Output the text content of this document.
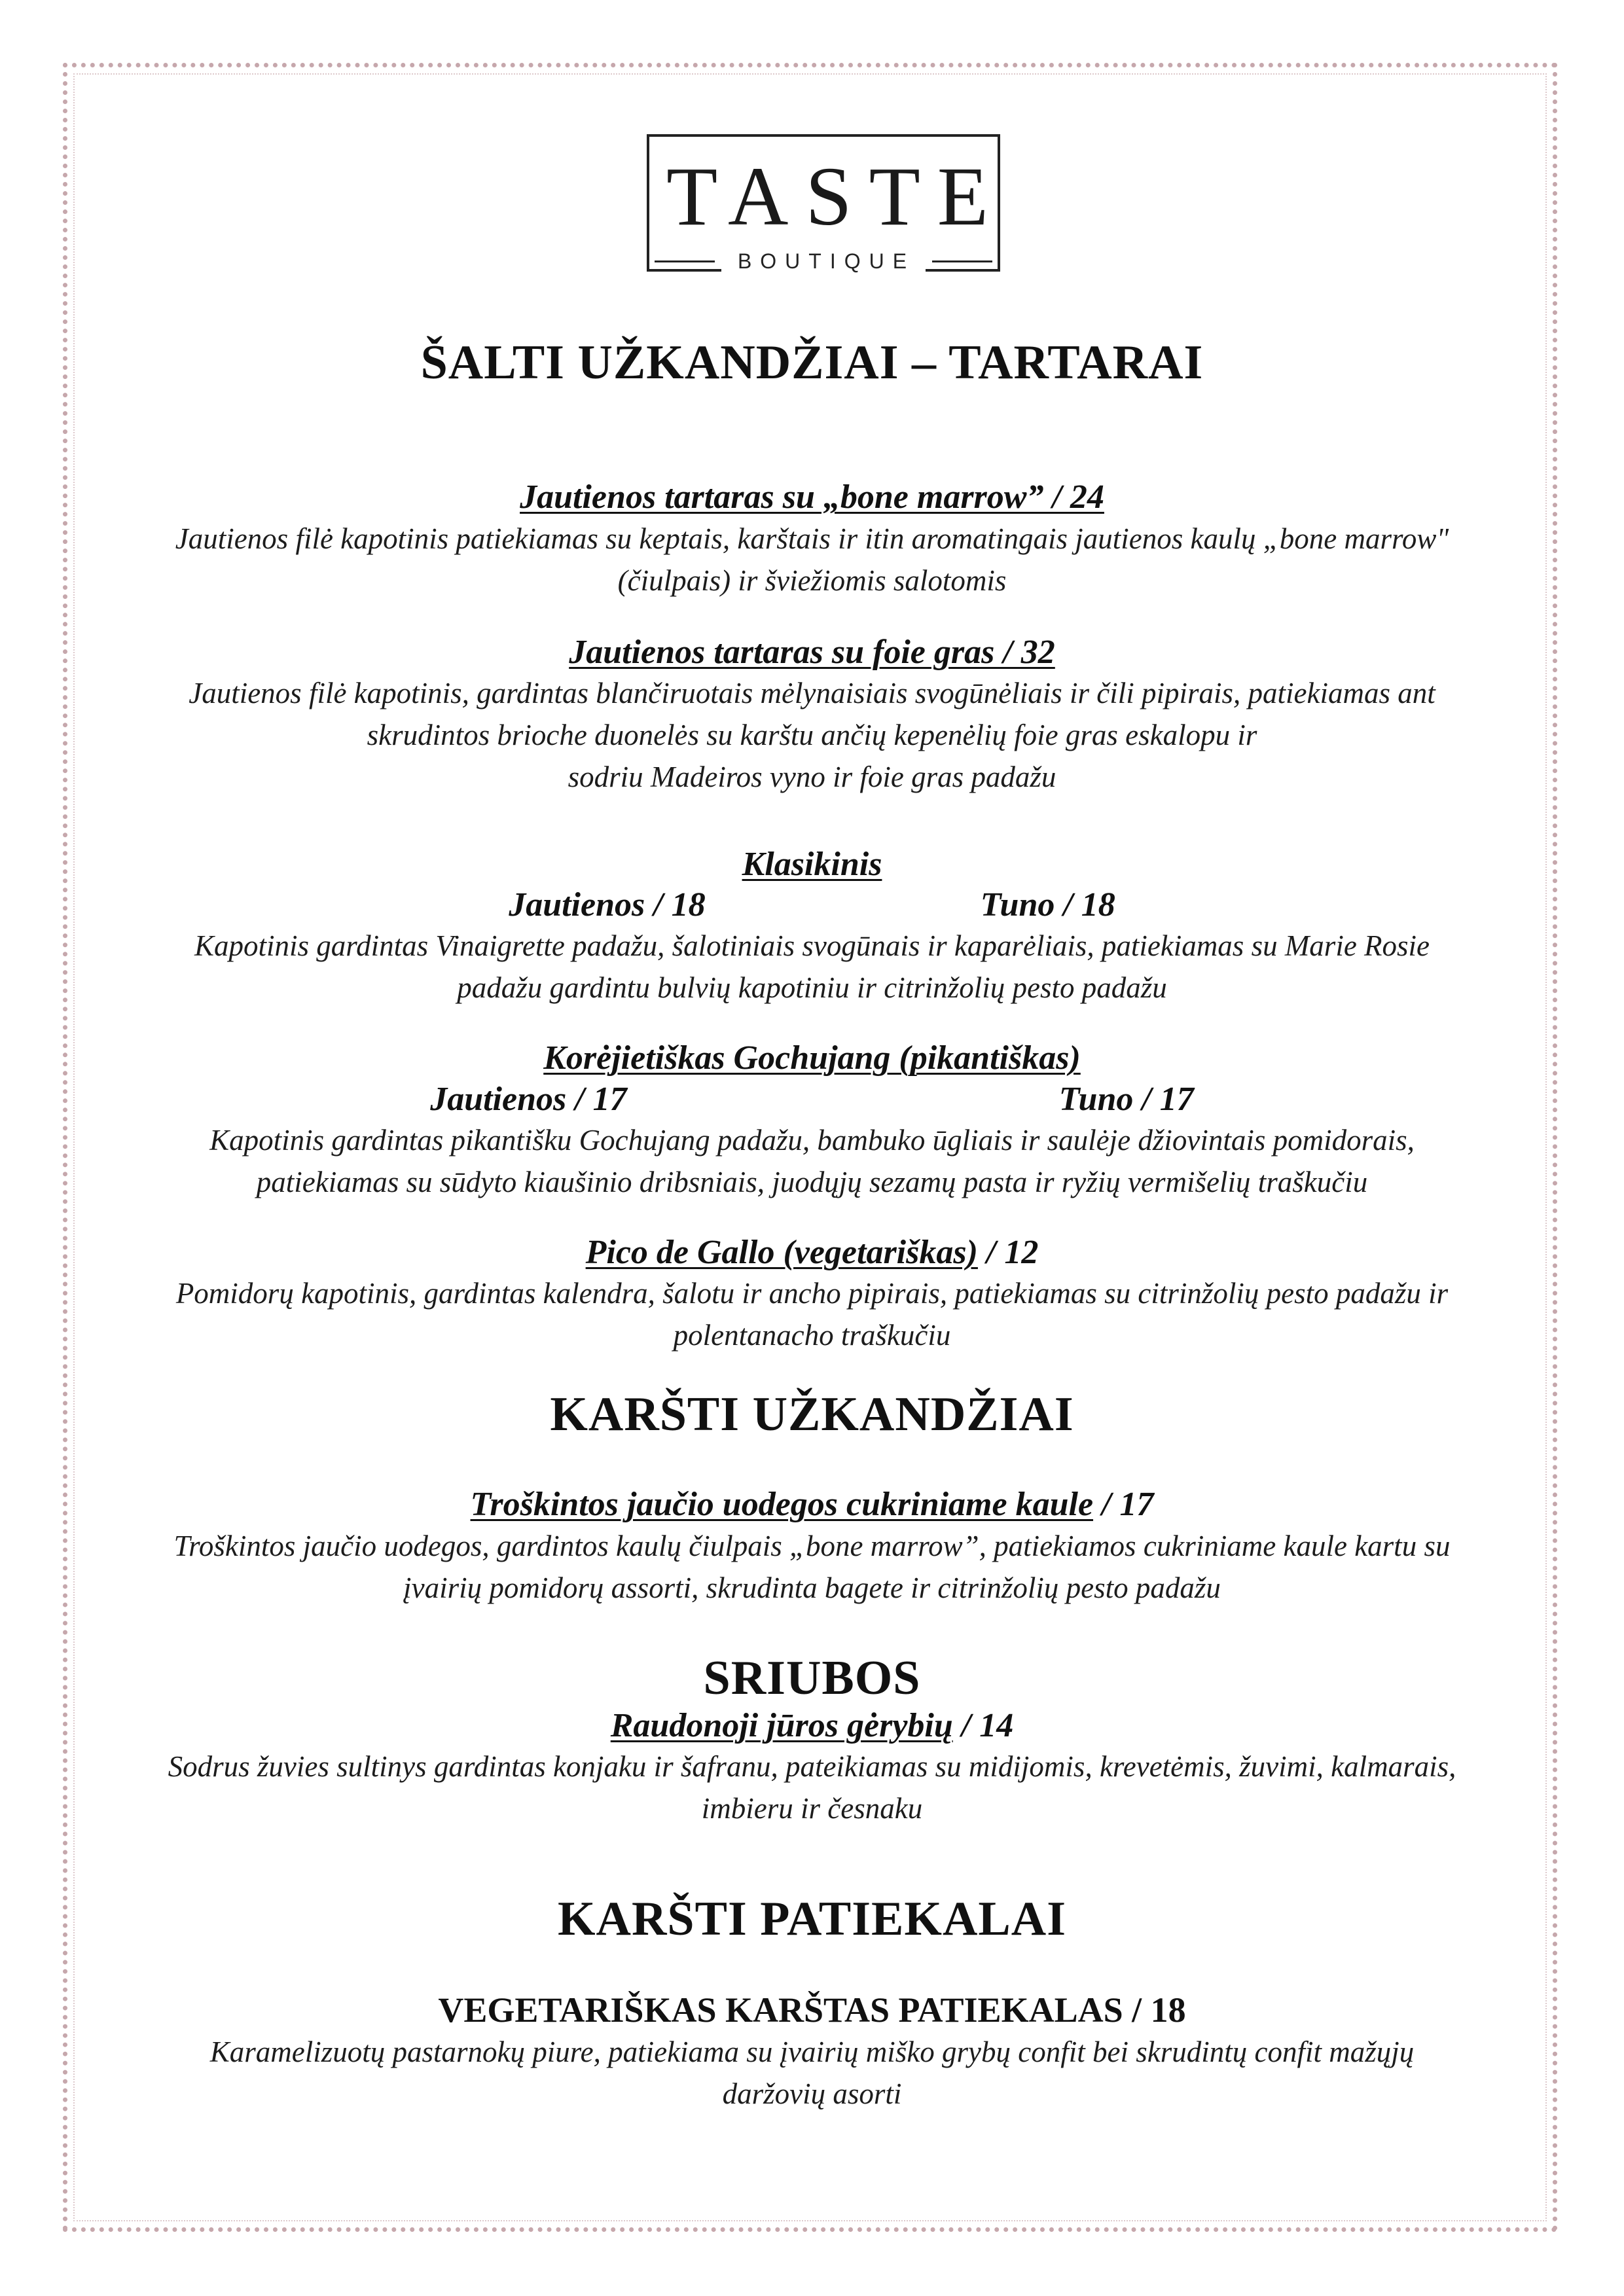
TASTE
BOUTIQUE
ŠALTI UŽKANDŽIAI – TARTARAI

Jautienos tartaras su „bone marrow” / 24

Jautienos filė kapotinis patiekiamas su keptais, karštais ir itin aromatingais jautienos kaulų „bone marrow"

(čiulpais) ir šviežiomis salotomis

Jautienos tartaras su foie gras / 32

Jautienos filė kapotinis, gardintas blančiruotais mėlynaisiais svogūnėliais ir čili pipirais, patiekiamas ant

skrudintos brioche duonelės su karštu ančių kepenėlių foie gras eskalopu ir

sodriu Madeiros vyno ir foie gras padažu

Klasikinis

Jautienos / 18	Tuno / 18

Kapotinis gardintas Vinaigrette padažu, šalotiniais svogūnais ir kaparėliais, patiekiamas su Marie Rosie

padažu gardintu bulvių kapotiniu ir citrinžolių pesto padažu

Korėjietiškas Gochujang (pikantiškas)

Jautienos / 17	Tuno / 17

Kapotinis gardintas pikantišku Gochujang padažu, bambuko ūgliais ir saulėje džiovintais pomidorais,

patiekiamas su sūdyto kiaušinio dribsniais, juodųjų sezamų pasta ir ryžių vermišelių traškučiu

Pico de Gallo (vegetariškas) / 12

Pomidorų kapotinis, gardintas kalendra, šalotu ir ancho pipirais, patiekiamas su citrinžolių pesto padažu ir

polentanacho traškučiu

KARŠTI UŽKANDŽIAI

Troškintos jaučio uodegos cukriniame kaule / 17

Troškintos jaučio uodegos, gardintos kaulų čiulpais „bone marrow”, patiekiamos cukriniame kaule kartu su

įvairių pomidorų assorti, skrudinta bagete ir citrinžolių pesto padažu

SRIUBOS

Raudonoji jūros gėrybių / 14

Sodrus žuvies sultinys gardintas konjaku ir šafranu, pateikiamas su midijomis, krevetėmis, žuvimi, kalmarais,

imbieru ir česnaku

KARŠTI PATIEKALAI

VEGETARIŠKAS KARŠTAS PATIEKALAS / 18

Karamelizuotų pastarnokų piure, patiekiama su įvairių miško grybų confit bei skrudintų confit mažųjų

daržovių asorti
